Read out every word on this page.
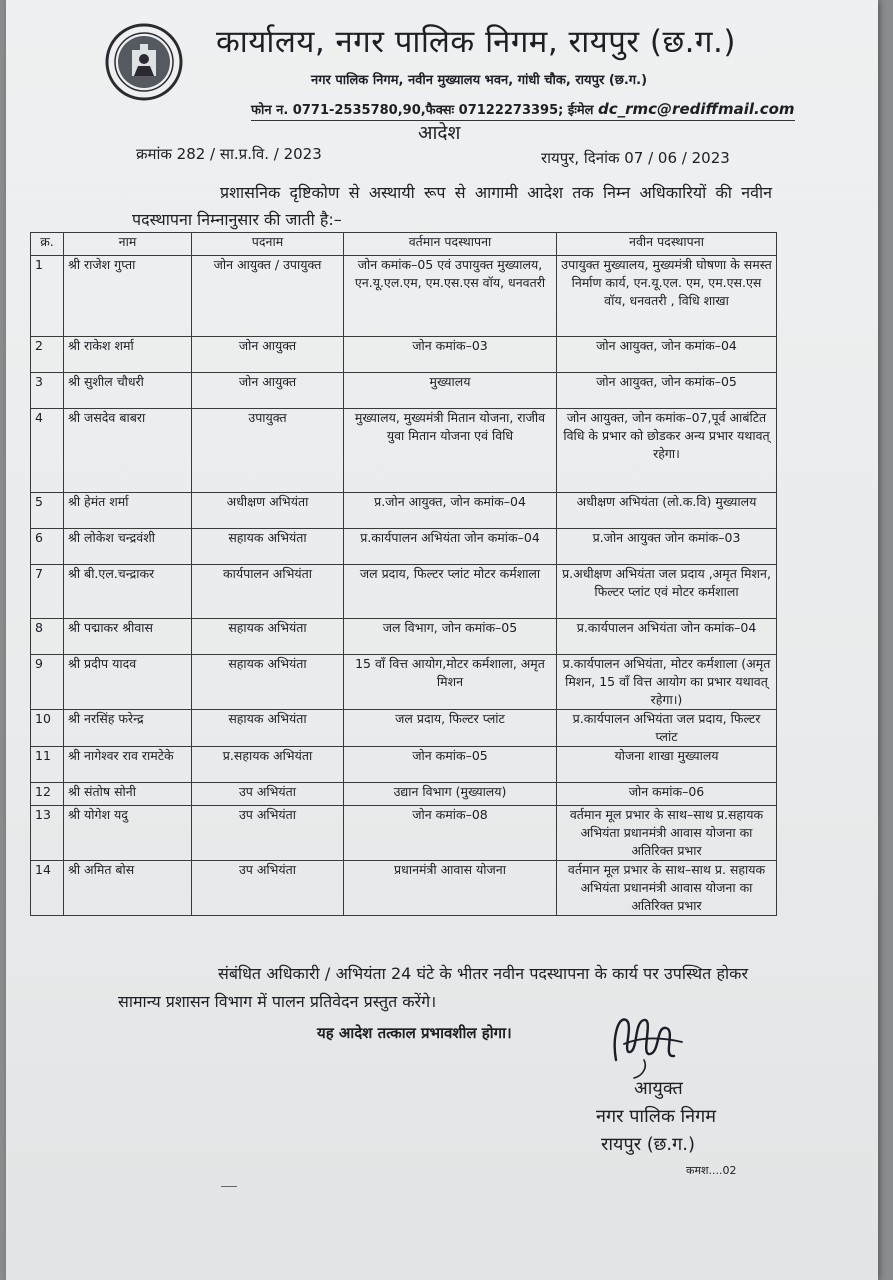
कार्यालय, नगर पालिक निगम, रायपुर (छ.ग.)
नगर पालिक निगम, नवीन मुख्यालय भवन, गांधी चौक, रायपुर (छ.ग.)
फोन न. 0771-2535780,90,फैक्सः 07122273395; ईःमेल dc_rmc@rediffmail.com
आदेश
क्रमांक 282 / सा.प्र.वि. / 2023	रायपुर, दिनांक 07 / 06 / 2023
प्रशासनिक दृष्टिकोण से अस्थायी रूप से आगामी आदेश तक निम्न अधिकारियों की नवीन पदस्थापना निम्नानुसार की जाती है:–
क्र.	नाम	पदनाम	वर्तमान पदस्थापना	नवीन पदस्थापना
1	श्री राजेश गुप्ता	जोन आयुक्त / उपायुक्त	जोन कमांक–05 एवं उपायुक्त मुख्यालय, एन.यू.एल.एम, एम.एस.एस वॉय, धनवतरी	उपायुक्त मुख्यालय, मुख्यमंत्री घोषणा के समस्त निर्माण कार्य, एन.यू.एल. एम, एम.एस.एस वॉय, धनवतरी , विधि शाखा
2	श्री राकेश शर्मा	जोन आयुक्त	जोन कमांक–03	जोन आयुक्त, जोन कमांक–04
3	श्री सुशील चौधरी	जोन आयुक्त	मुख्यालय	जोन आयुक्त, जोन कमांक–05
4	श्री जसदेव बाबरा	उपायुक्त	मुख्यालय, मुख्यमंत्री मितान योजना, राजीव युवा मितान योजना एवं विधि	जोन आयुक्त, जोन कमांक–07,पूर्व आबंटित विधि के प्रभार को छोडकर अन्य प्रभार यथावत् रहेगा।
5	श्री हेमंत शर्मा	अधीक्षण अभियंता	प्र.जोन आयुक्त, जोन कमांक–04	अधीक्षण अभियंता (लो.क.वि) मुख्यालय
6	श्री लोकेश चन्द्रवंशी	सहायक अभियंता	प्र.कार्यपालन अभियंता जोन कमांक–04	प्र.जोन आयुक्त जोन कमांक–03
7	श्री बी.एल.चन्द्राकर	कार्यपालन अभियंता	जल प्रदाय, फिल्टर प्लांट मोटर कर्मशाला	प्र.अधीक्षण अभियंता जल प्रदाय ,अमृत मिशन, फिल्टर प्लांट एवं मोटर कर्मशाला
8	श्री पद्माकर श्रीवास	सहायक अभियंता	जल विभाग, जोन कमांक–05	प्र.कार्यपालन अभियंता जोन कमांक–04
9	श्री प्रदीप यादव	सहायक अभियंता	15 वॉं वित्त आयोग,मोटर कर्मशाला, अमृत मिशन	प्र.कार्यपालन अभियंता, मोटर कर्मशाला (अमृत मिशन, 15 वॉं वित्त आयोग का प्रभार यथावत् रहेगा।)
10	श्री नरसिंह फरेन्द्र	सहायक अभियंता	जल प्रदाय, फिल्टर प्लांट	प्र.कार्यपालन अभियंता जल प्रदाय, फिल्टर प्लांट
11	श्री नागेश्वर राव रामटेके	प्र.सहायक अभियंता	जोन कमांक–05	योजना शाखा मुख्यालय
12	श्री संतोष सोनी	उप अभियंता	उद्यान विभाग (मुख्यालय)	जोन कमांक–06
13	श्री योगेश यदु	उप अभियंता	जोन कमांक–08	वर्तमान मूल प्रभार के साथ–साथ प्र.सहायक अभियंता प्रधानमंत्री आवास योजना का अतिरिक्त प्रभार
14	श्री अमित बोस	उप अभियंता	प्रधानमंत्री आवास योजना	वर्तमान मूल प्रभार के साथ–साथ प्र. सहायक अभियंता प्रधानमंत्री आवास योजना का अतिरिक्त प्रभार
संबंधित अधिकारी / अभियंता 24 घंटे के भीतर नवीन पदस्थापना के कार्य पर उपस्थित होकर सामान्य प्रशासन विभाग में पालन प्रतिवेदन प्रस्तुत करेंगे।
यह आदेश तत्काल प्रभावशील होगा।
आयुक्त
नगर पालिक निगम
रायपुर (छ.ग.)
कमश....02
